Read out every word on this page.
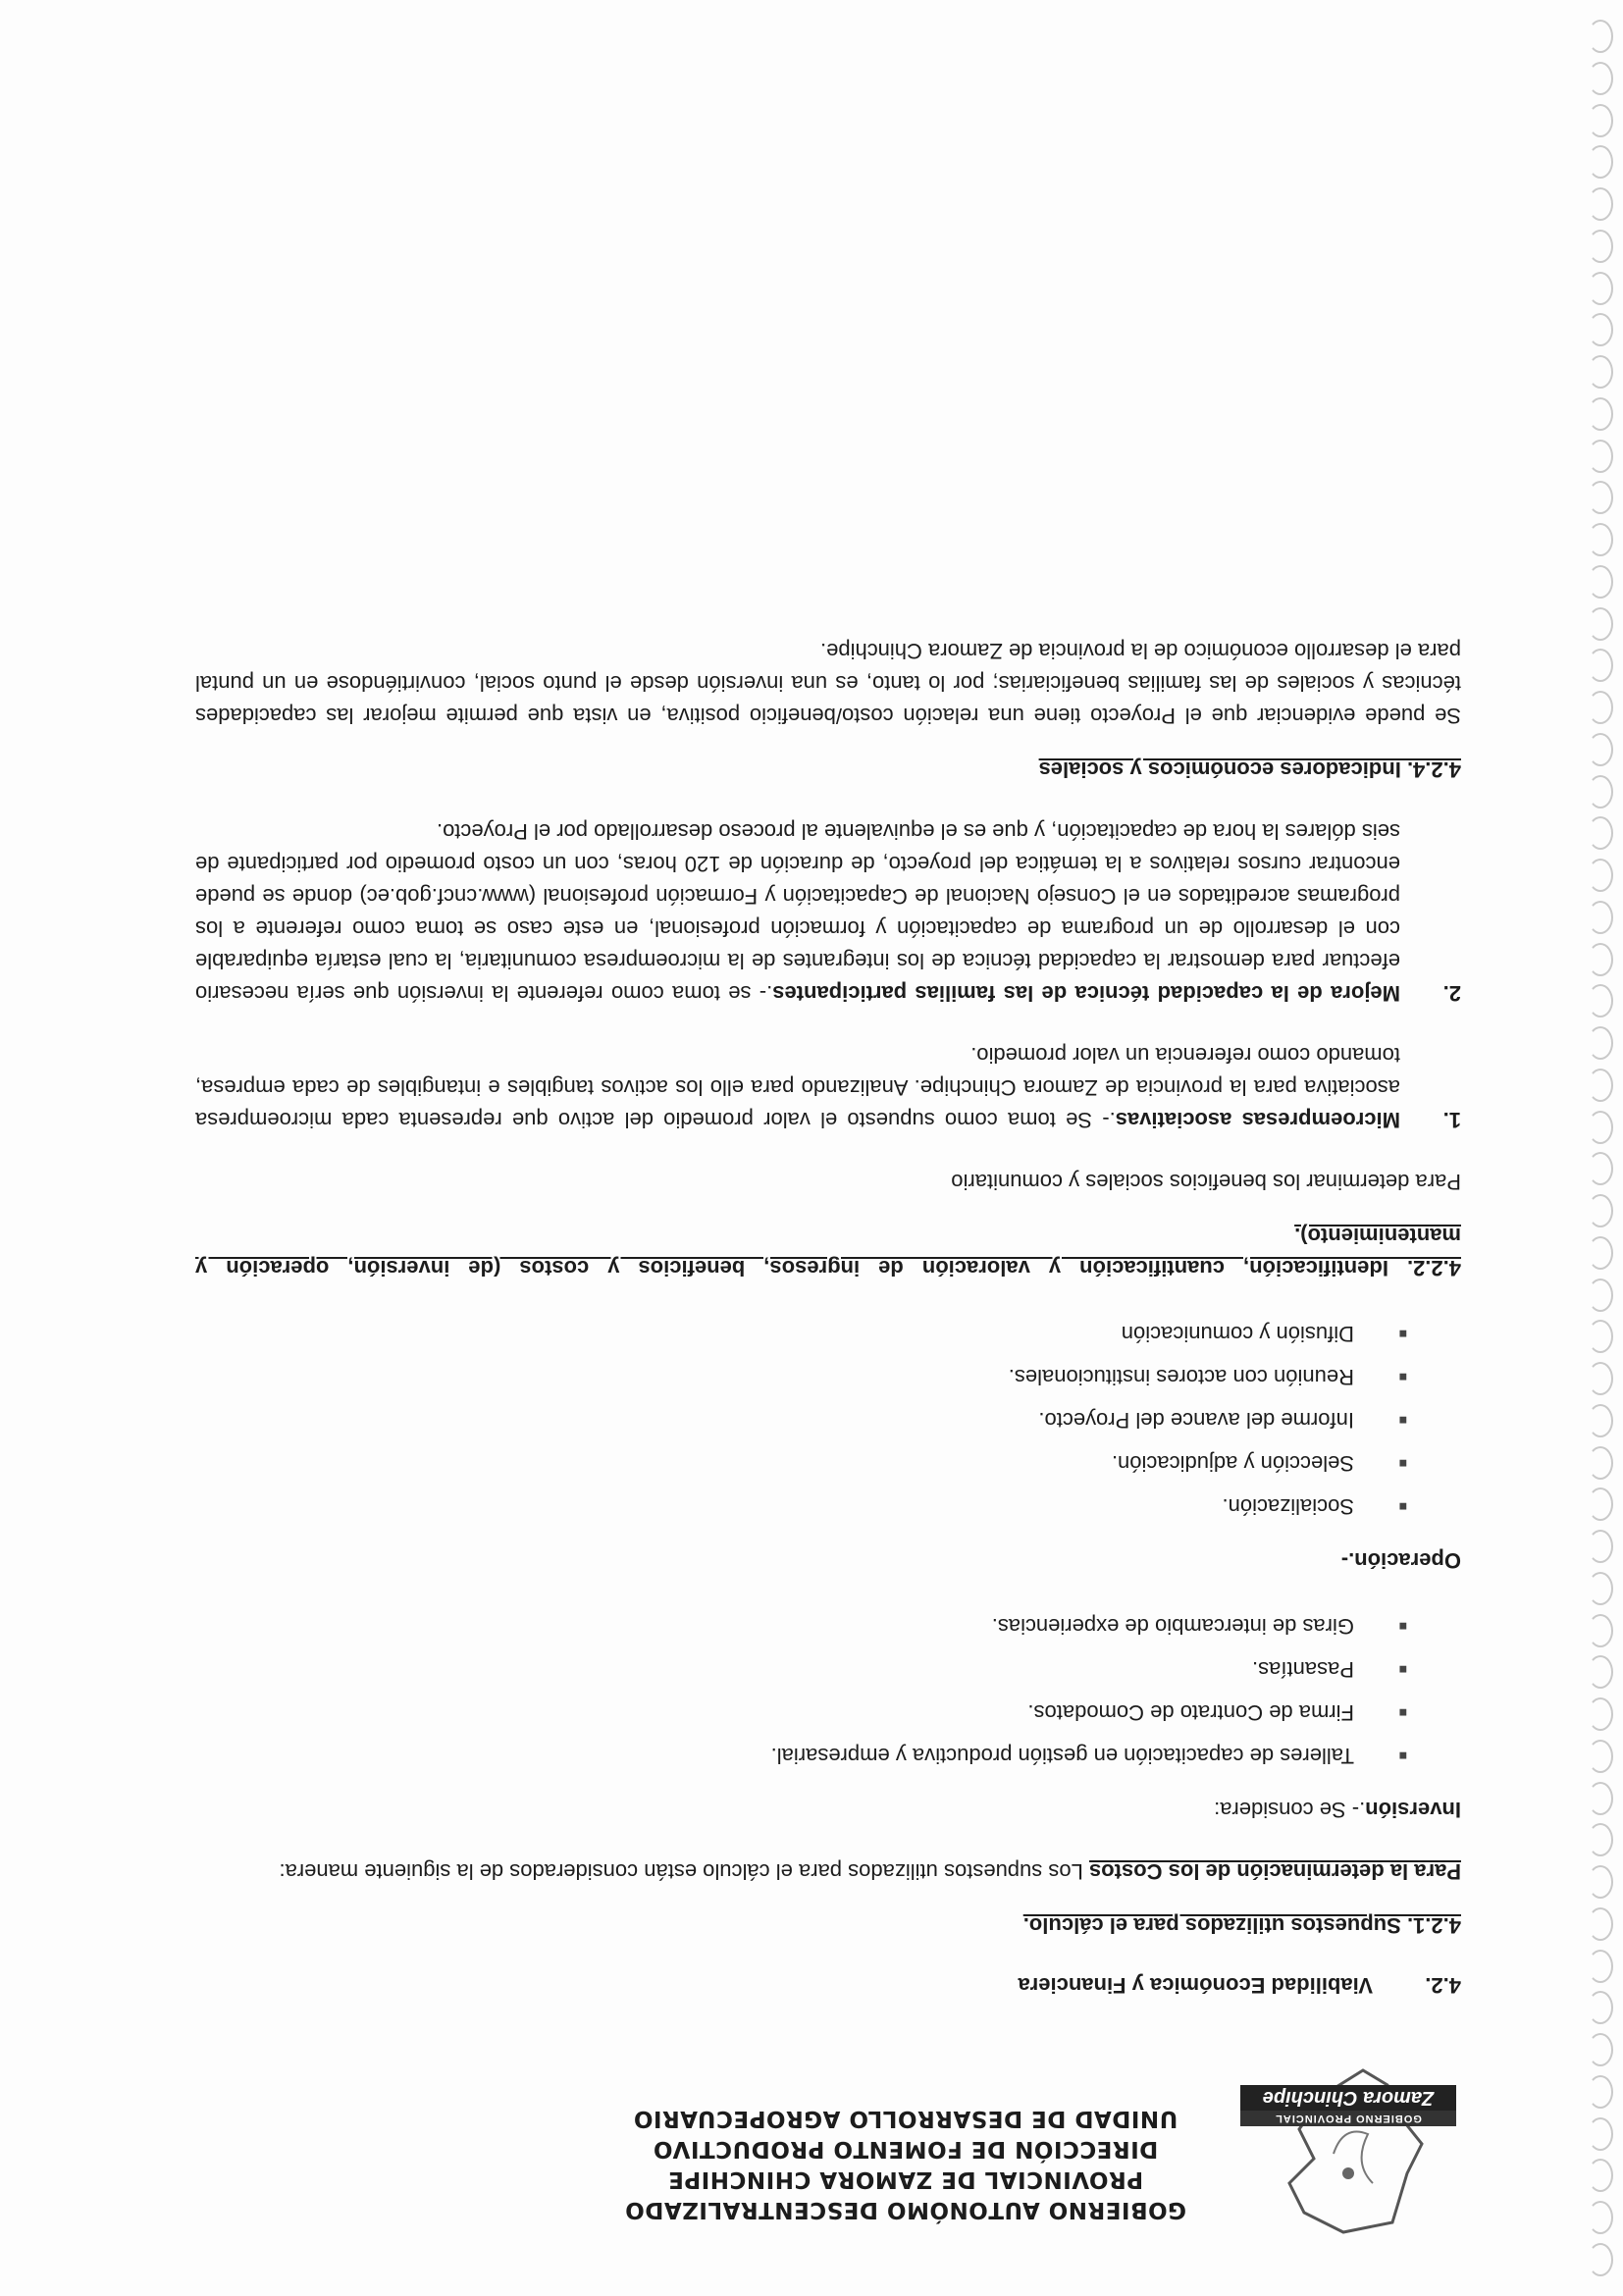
GOBIERNO PROVINCIAL
Zamora Chinchipe
GOBIERNO AUTONÓMO DESCENTRALIZADO
PROVINCIAL DE ZAMORA CHINCHIPE
DIRECCIÓN DE FOMENTO PRODUCTIVO
UNIDAD DE DESARROLLO AGROPECUARIO
4.2.Viabilidad Económica y Financiera
4.2.1. Supuestos utilizados para el cálculo.

Para la determinación de los Costos Los supuestos utilizados para el cálculo están considerados de la siguiente manera:

Inversión.- Se considera:

■
Talleres de capacitación en gestión productiva y empresarial.
■
Firma de Contrato de Comodatos.
■
Pasantías.
■
Giras de intercambio de experiencias.

Operación.-

■
Socialización.
■
Selección y adjudicación.
■
Informe del avance del Proyecto.
■
Reunión con actores institucionales.
■
Difusión y comunicación
4.2.2. Identificación, cuantificación y valoración de ingresos, beneficios y costos (de inversión, operación y mantenimiento).

Para determinar los beneficios sociales y comunitario

1.
Microempresas asociativas.- Se toma como supuesto el valor promedio del activo que representa cada microempresa asociativa para la provincia de Zamora Chinchipe. Analizando para ello los activos tangibles e intangibles de cada empresa, tomando como referencia un valor promedio.
2.
Mejora de la capacidad técnica de las familias participantes.- se toma como referente la inversión que sería necesario efectuar para demostrar la capacidad técnica de los integrantes de la microempresa comunitaria, la cual estaría equiparable con el desarrollo de un programa de capacitación y formación profesional, en este caso se toma como referente a los programas acreditados en el Consejo Nacional de Capacitación y Formación profesional (www.cncf.gob.ec) donde se puede encontrar cursos relativos a la temática del proyecto, de duración de 120 horas, con un costo promedio por participante de seis dólares la hora de capacitación, y que es el equivalente al proceso desarrollado por el Proyecto.
4.2.4. Indicadores económicos y sociales

Se puede evidenciar que el Proyecto tiene una relación costo/beneficio positiva, en vista que permite mejorar las capacidades técnicas y sociales de las familias beneficiarias; por lo tanto, es una inversión desde el punto social, convirtiéndose en un puntal para el desarrollo económico de la provincia de Zamora Chinchipe.
